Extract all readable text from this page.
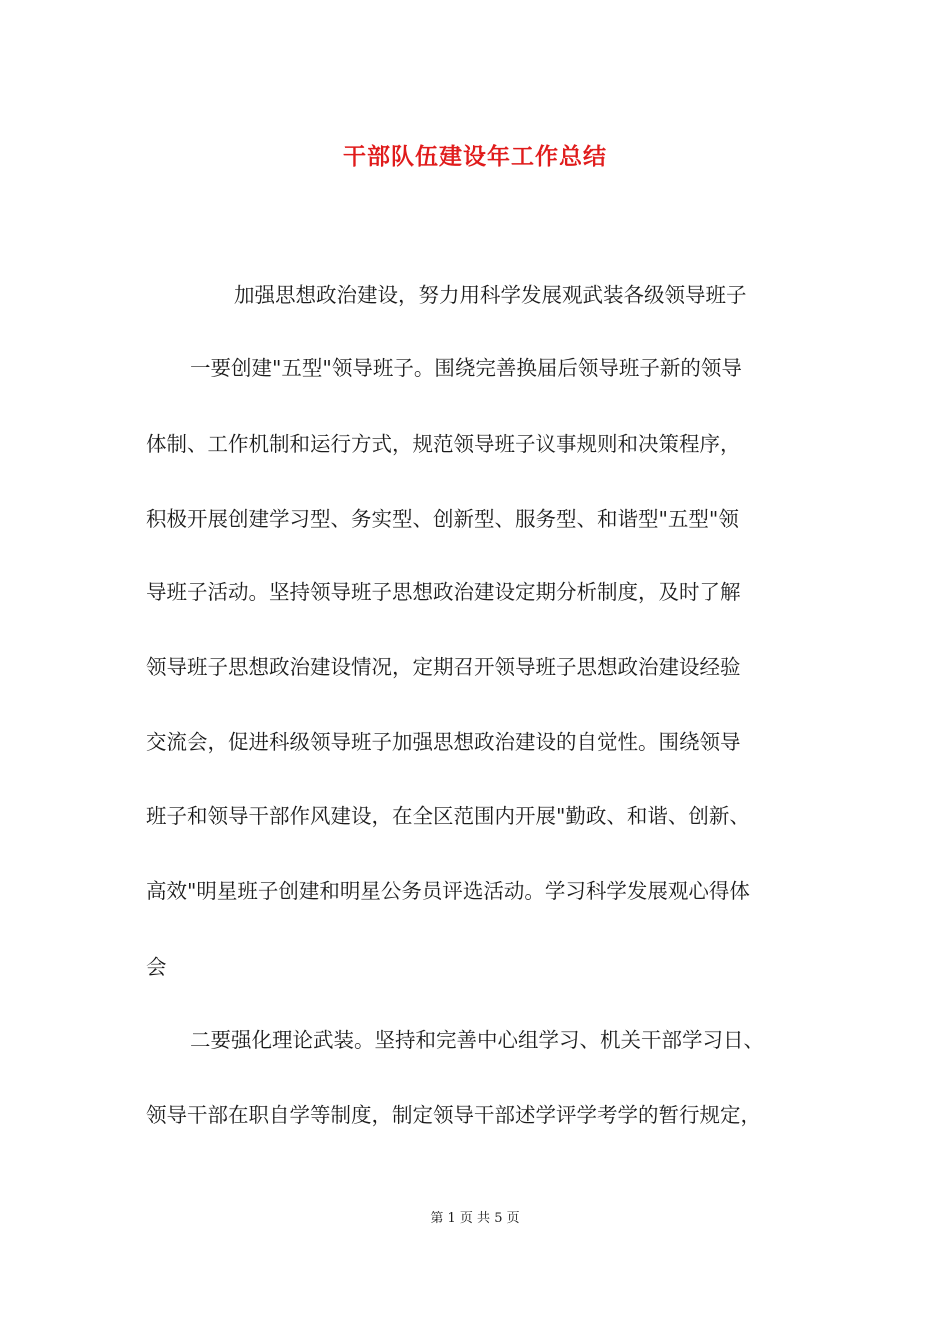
干部队伍建设年工作总结
加强思想政治建设，努力用科学发展观武装各级领导班子
一要创建"五型"领导班子。围绕完善换届后领导班子新的领导
体制、工作机制和运行方式，规范领导班子议事规则和决策程序，
积极开展创建学习型、务实型、创新型、服务型、和谐型"五型"领
导班子活动。坚持领导班子思想政治建设定期分析制度，及时了解
领导班子思想政治建设情况，定期召开领导班子思想政治建设经验
交流会，促进科级领导班子加强思想政治建设的自觉性。围绕领导
班子和领导干部作风建设，在全区范围内开展"勤政、和谐、创新、
高效"明星班子创建和明星公务员评选活动。学习科学发展观心得体
会
二要强化理论武装。坚持和完善中心组学习、机关干部学习日、
领导干部在职自学等制度，制定领导干部述学评学考学的暂行规定，
第 1 页 共 5 页
